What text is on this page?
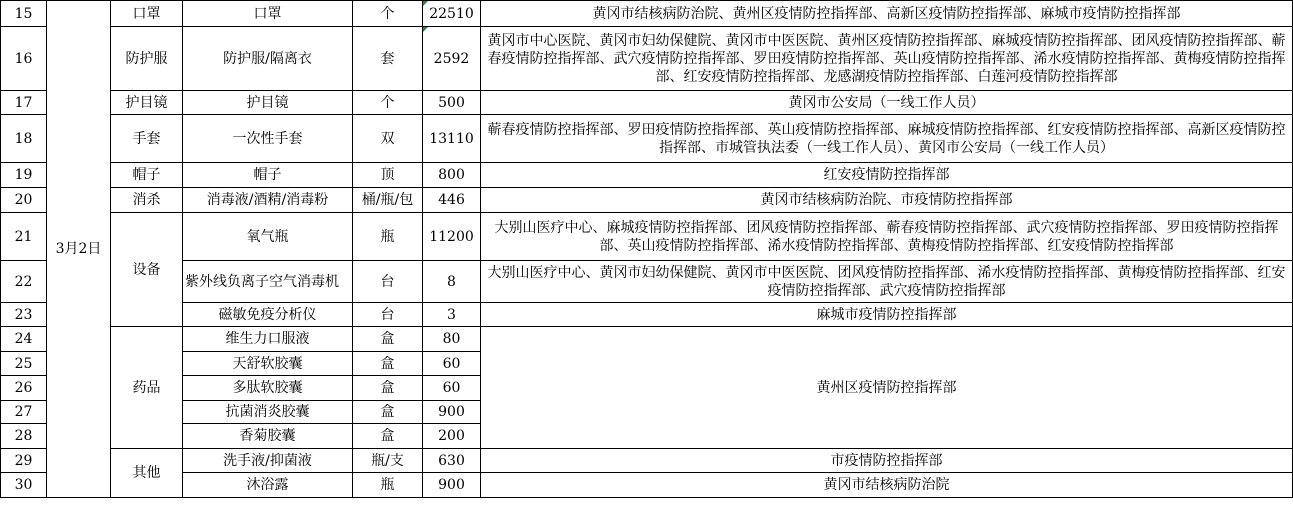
15	3月2日	口罩	口罩	个	22510	黄冈市结核病防治院、黄州区疫情防控指挥部、高新区疫情防控指挥部、麻城市疫情防控指挥部
16		防护服	防护服/隔离衣	套	2592	黄冈市中心医院、黄冈市妇幼保健院、黄冈市中医医院、黄州区疫情防控指挥部、麻城疫情防控指挥部、团风疫情防控指挥部、蕲春疫情防控指挥部、武穴疫情防控指挥部、罗田疫情防控指挥部、英山疫情防控指挥部、浠水疫情防控指挥部、黄梅疫情防控指挥部、红安疫情防控指挥部、龙感湖疫情防控指挥部、白莲河疫情防控指挥部
17		护目镜	护目镜	个	500	黄冈市公安局（一线工作人员）
18		手套	一次性手套	双	13110	蕲春疫情防控指挥部、罗田疫情防控指挥部、英山疫情防控指挥部、麻城疫情防控指挥部、红安疫情防控指挥部、高新区疫情防控指挥部、市城管执法委（一线工作人员）、黄冈市公安局（一线工作人员）
19		帽子	帽子	顶	800	红安疫情防控指挥部
20		消杀	消毒液/酒精/消毒粉	桶/瓶/包	446	黄冈市结核病防治院、市疫情防控指挥部
21		设备	氧气瓶	瓶	11200	大别山医疗中心、麻城疫情防控指挥部、团风疫情防控指挥部、蕲春疫情防控指挥部、武穴疫情防控指挥部、罗田疫情防控指挥部、英山疫情防控指挥部、浠水疫情防控指挥部、黄梅疫情防控指挥部、红安疫情防控指挥部
22			紫外线负离子空气消毒机	台	8	大别山医疗中心、黄冈市妇幼保健院、黄冈市中医医院、团风疫情防控指挥部、浠水疫情防控指挥部、黄梅疫情防控指挥部、红安疫情防控指挥部、武穴疫情防控指挥部
23			磁敏免疫分析仪	台	3	麻城市疫情防控指挥部
24		药品	维生力口服液	盒	80	黄州区疫情防控指挥部
25			天舒软胶囊	盒	60	
26			多肽软胶囊	盒	60	
27			抗菌消炎胶囊	盒	900	
28			香菊胶囊	盒	200	
29		其他	洗手液/抑菌液	瓶/支	630	市疫情防控指挥部
30			沐浴露	瓶	900	黄冈市结核病防治院
